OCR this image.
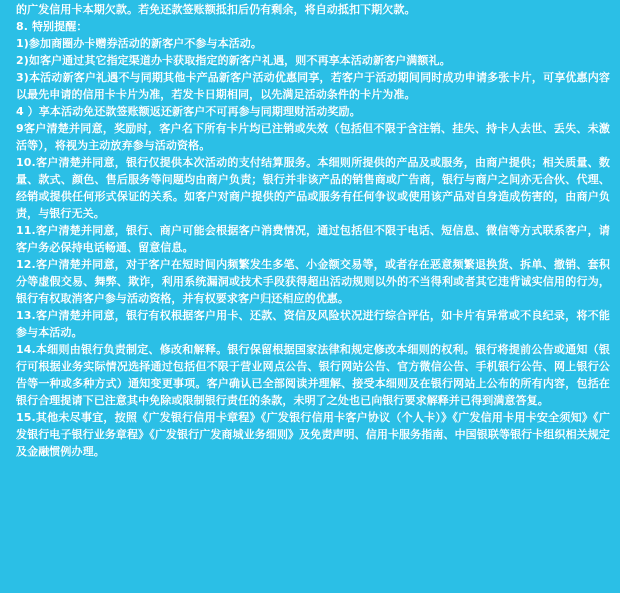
的广发信用卡本期欠款。若免还款签账额抵扣后仍有剩余，将自动抵扣下期欠款。

8. 特别提醒：

1)参加商圈办卡赠券活动的新客户不参与本活动。

2)如客户通过其它指定渠道办卡获取指定的新客户礼遇，则不再享本活动新客户满额礼。

3)本活动新客户礼遇不与同期其他卡产品新客户活动优惠同享，若客户于活动期间同时成功申请多张卡片，可享优惠内容以最先申请的信用卡卡片为准，若发卡日期相同，以先满足活动条件的卡片为准。

4 ）享本活动免还款签账额返还新客户不可再参与同期理财活动奖励。

9客户清楚并同意，奖励时，客户名下所有卡片均已注销或失效（包括但不限于含注销、挂失、持卡人去世、丢失、未激活等），将视为主动放弃参与活动资格。

10.客户清楚并同意，银行仅提供本次活动的支付结算服务。本细则所提供的产品及或服务，由商户提供；相关质量、数量、款式、颜色、售后服务等问题均由商户负责；银行并非该产品的销售商或广告商，银行与商户之间亦无合伙、代理、经销或提供任何形式保证的关系。如客户对商户提供的产品或服务有任何争议或使用该产品对自身造成伤害的，由商户负责，与银行无关。

11.客户清楚并同意，银行、商户可能会根据客户消费情况，通过包括但不限于电话、短信息、微信等方式联系客户，请客户务必保持电话畅通、留意信息。

12.客户清楚并同意，对于客户在短时间内频繁发生多笔、小金额交易等，或者存在恶意频繁退换货、拆单、撤销、套积分等虚假交易、舞弊、欺诈，利用系统漏洞或技术手段获得超出活动规则以外的不当得利或者其它违背诚实信用的行为，银行有权取消客户参与活动资格，并有权要求客户归还相应的优惠。

13.客户清楚并同意，银行有权根据客户用卡、还款、资信及风险状况进行综合评估，如卡片有异常或不良纪录，将不能参与本活动。

14.本细则由银行负责制定、修改和解释。银行保留根据国家法律和规定修改本细则的权利。银行将提前公告或通知（银行可根据业务实际情况选择通过包括但不限于营业网点公告、银行网站公告、官方微信公告、手机银行公告、网上银行公告等一种或多种方式）通知变更事项。客户确认已全部阅读并理解、接受本细则及在银行网站上公布的所有内容，包括在银行合理提请下已注意其中免除或限制银行责任的条款，未明了之处也已向银行要求解释并已得到满意答复。

15.其他未尽事宜，按照《广发银行信用卡章程》《广发银行信用卡客户协议（个人卡）》《广发信用卡用卡安全须知》《广发银行电子银行业务章程》《广发银行广发商城业务细则》及免责声明、信用卡服务指南、中国银联等银行卡组织相关规定及金融惯例办理。
